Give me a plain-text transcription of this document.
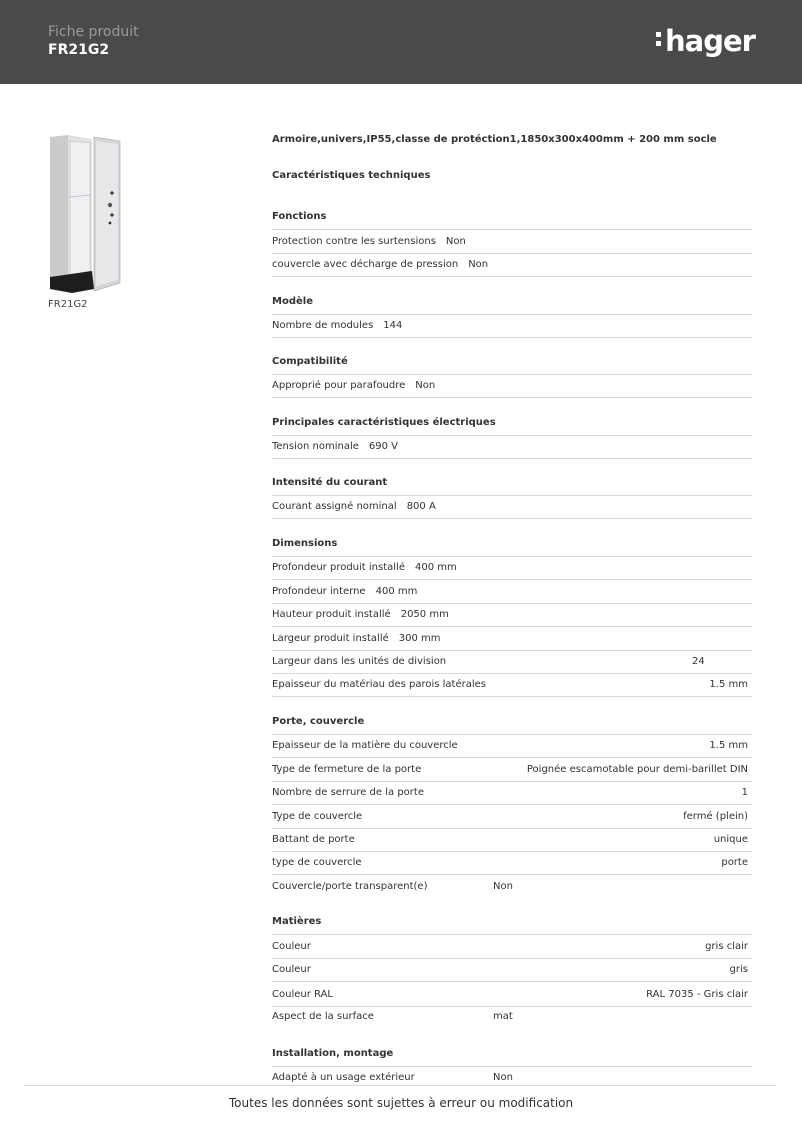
Fiche produit
FR21G2	hager
FR21G2
Armoire,univers,IP55,classe de protéction1,1850x300x400mm + 200 mm socle
Caractéristiques techniques
Fonctions
Protection contre les surtensions Non
couvercle avec décharge de pression Non
Modèle
Nombre de modules 144
Compatibilité
Approprié pour parafoudre Non
Principales caractéristiques électriques
Tension nominale 690 V
Intensité du courant
Courant assigné nominal 800 A
Dimensions
Profondeur produit installé 400 mm
Profondeur interne 400 mm
Hauteur produit installé 2050 mm
Largeur produit installé 300 mm
Largeur dans les unités de division	24
Epaisseur du matériau des parois latérales	1.5 mm
Porte, couvercle
Epaisseur de la matière du couvercle	1.5 mm
Type de fermeture de la porte	Poignée escamotable pour demi-barillet DIN
Nombre de serrure de la porte	1
Type de couvercle	fermé (plein)
Battant de porte	unique
type de couvercle	porte
Couvercle/porte transparent(e)	Non
Matières
Couleur	gris clair
Couleur	gris
Couleur RAL	RAL 7035 - Gris clair
Aspect de la surface	mat
Installation, montage
Adapté à un usage extérieur	Non
Toutes les données sont sujettes à erreur ou modification
